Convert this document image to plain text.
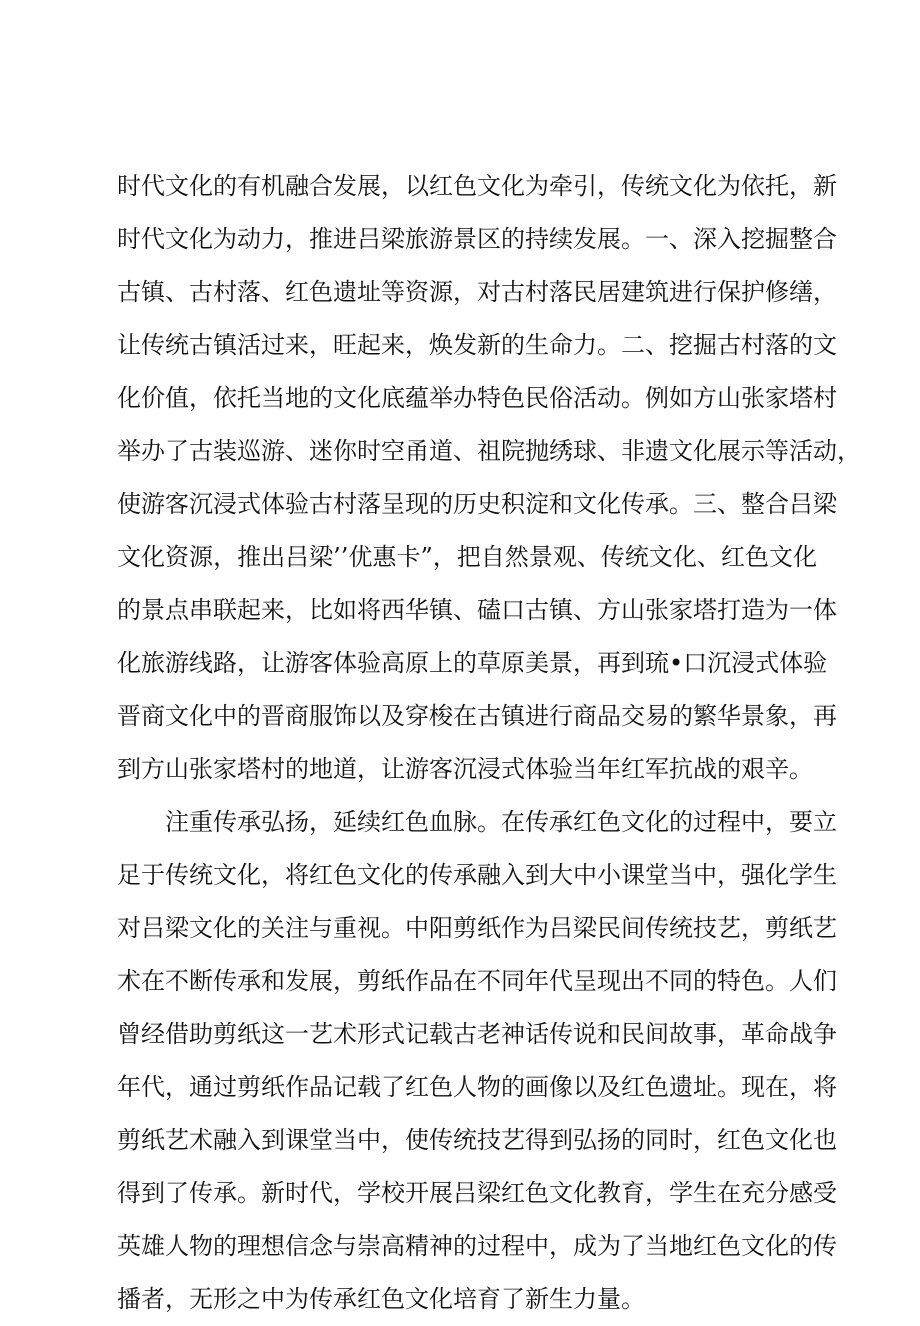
时代文化的有机融合发展，以红色文化为牵引，传统文化为依托，新
时代文化为动力，推进吕梁旅游景区的持续发展。一、深入挖掘整合
古镇、古村落、红色遗址等资源，对古村落民居建筑进行保护修缮，
让传统古镇活过来，旺起来，焕发新的生命力。二、挖掘古村落的文
化价值，依托当地的文化底蕴举办特色民俗活动。例如方山张家塔村
举办了古装巡游、迷你时空甬道、祖院抛绣球、非遗文化展示等活动，
使游客沉浸式体验古村落呈现的历史积淀和文化传承。三、整合吕梁
文化资源，推出吕梁’’优惠卡”，把自然景观、传统文化、红色文化
的景点串联起来，比如将西华镇、磕口古镇、方山张家塔打造为一体
化旅游线路，让游客体验高原上的草原美景，再到琉•口沉浸式体验
晋商文化中的晋商服饰以及穿梭在古镇进行商品交易的繁华景象，再
到方山张家塔村的地道，让游客沉浸式体验当年红军抗战的艰辛。
注重传承弘扬，延续红色血脉。在传承红色文化的过程中，要立
足于传统文化，将红色文化的传承融入到大中小课堂当中，强化学生
对吕梁文化的关注与重视。中阳剪纸作为吕梁民间传统技艺，剪纸艺
术在不断传承和发展，剪纸作品在不同年代呈现出不同的特色。人们
曾经借助剪纸这一艺术形式记载古老神话传说和民间故事，革命战争
年代，通过剪纸作品记载了红色人物的画像以及红色遗址。现在，将
剪纸艺术融入到课堂当中，使传统技艺得到弘扬的同时，红色文化也
得到了传承。新时代，学校开展吕梁红色文化教育，学生在充分感受
英雄人物的理想信念与崇高精神的过程中，成为了当地红色文化的传
播者，无形之中为传承红色文化培育了新生力量。
